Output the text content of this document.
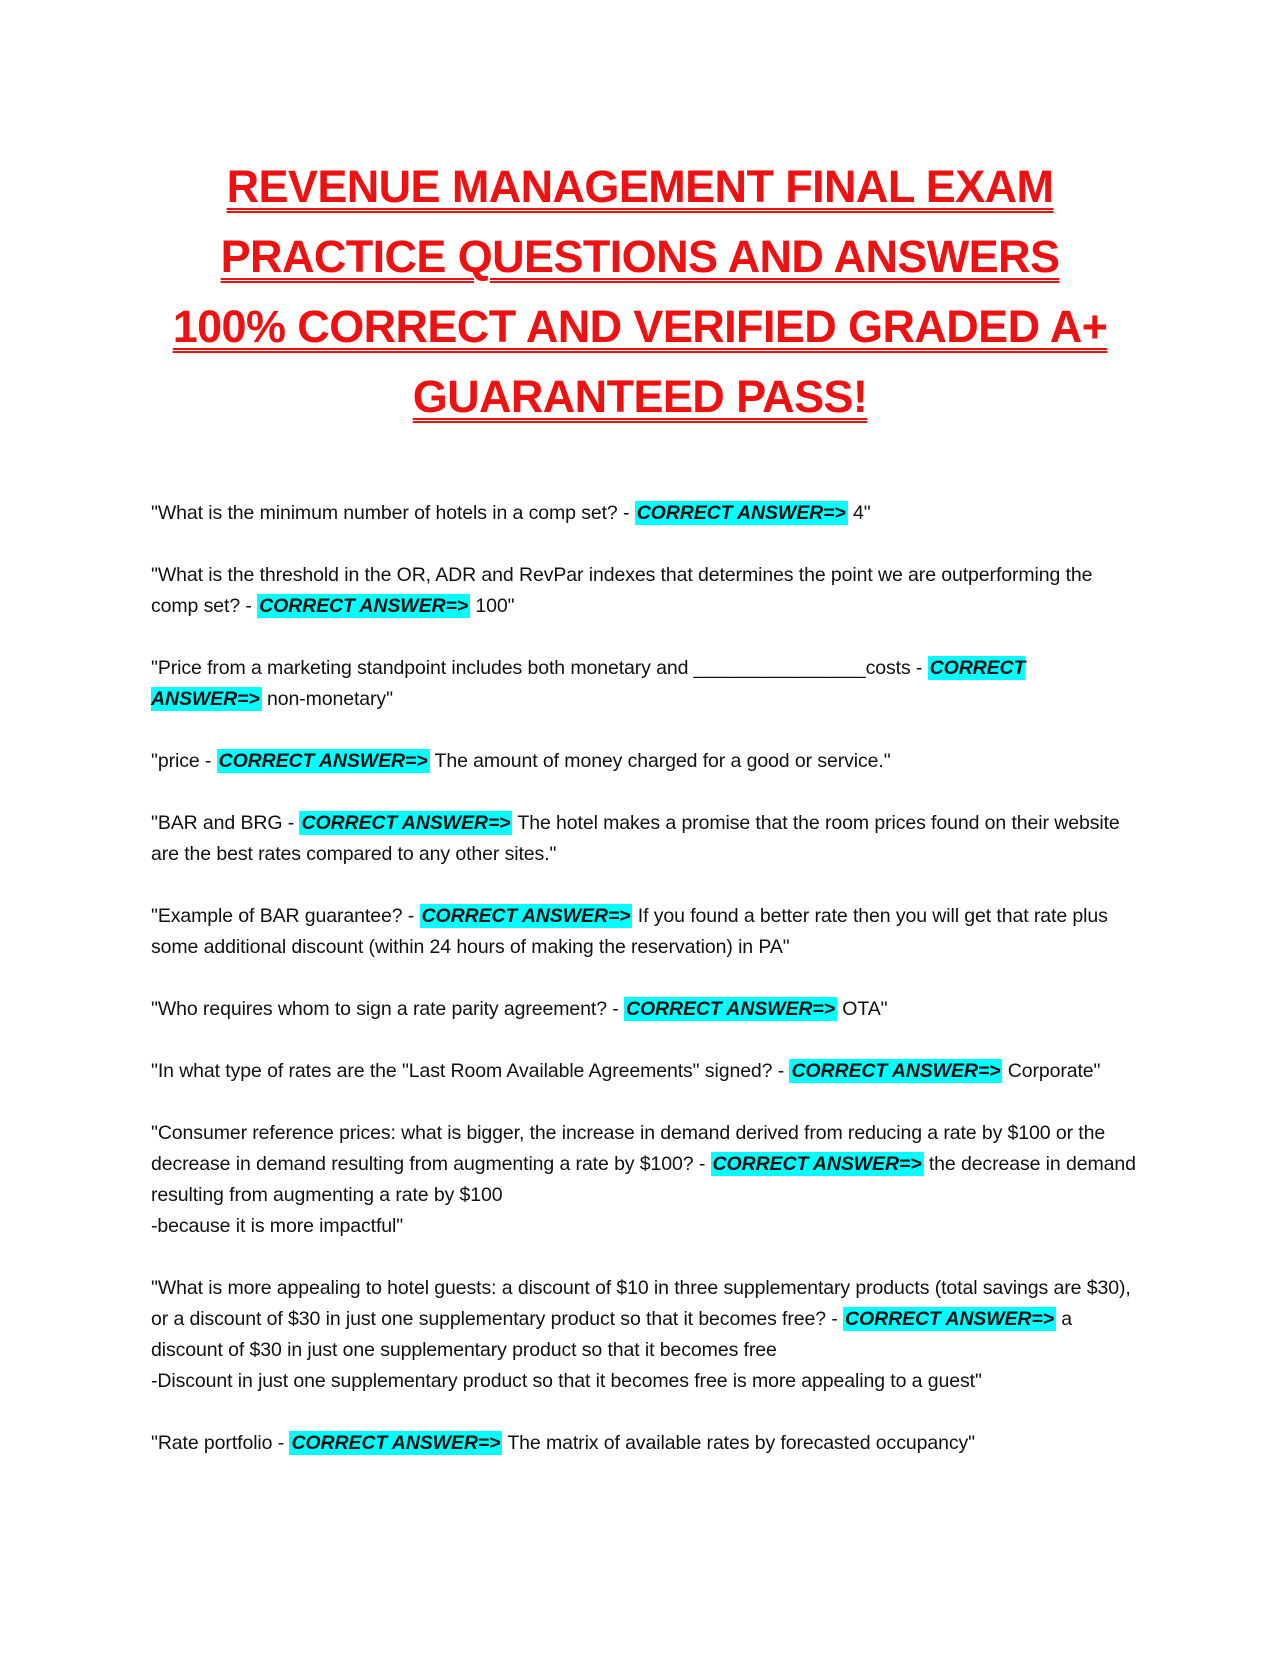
REVENUE MANAGEMENT FINAL EXAM
PRACTICE QUESTIONS AND ANSWERS
100% CORRECT AND VERIFIED GRADED A+
GUARANTEED PASS!
"What is the minimum number of hotels in a comp set? - CORRECT ANSWER=> 4"
"What is the threshold in the OR, ADR and RevPar indexes that determines the point we are outperforming the comp set? - CORRECT ANSWER=> 100"
"Price from a marketing standpoint includes both monetary and ________________costs - CORRECT ANSWER=> non-monetary"
"price - CORRECT ANSWER=> The amount of money charged for a good or service."
"BAR and BRG - CORRECT ANSWER=> The hotel makes a promise that the room prices found on their website are the best rates compared to any other sites."
"Example of BAR guarantee? - CORRECT ANSWER=> If you found a better rate then you will get that rate plus some additional discount (within 24 hours of making the reservation) in PA"
"Who requires whom to sign a rate parity agreement? - CORRECT ANSWER=> OTA"
"In what type of rates are the "Last Room Available Agreements" signed? - CORRECT ANSWER=> Corporate"
"Consumer reference prices: what is bigger, the increase in demand derived from reducing a rate by $100 or the decrease in demand resulting from augmenting a rate by $100? - CORRECT ANSWER=> the decrease in demand resulting from augmenting a rate by $100
-because it is more impactful"
"What is more appealing to hotel guests: a discount of $10 in three supplementary products (total savings are $30), or a discount of $30 in just one supplementary product so that it becomes free? - CORRECT ANSWER=> a discount of $30 in just one supplementary product so that it becomes free
-Discount in just one supplementary product so that it becomes free is more appealing to a guest"
"Rate portfolio - CORRECT ANSWER=> The matrix of available rates by forecasted occupancy"
